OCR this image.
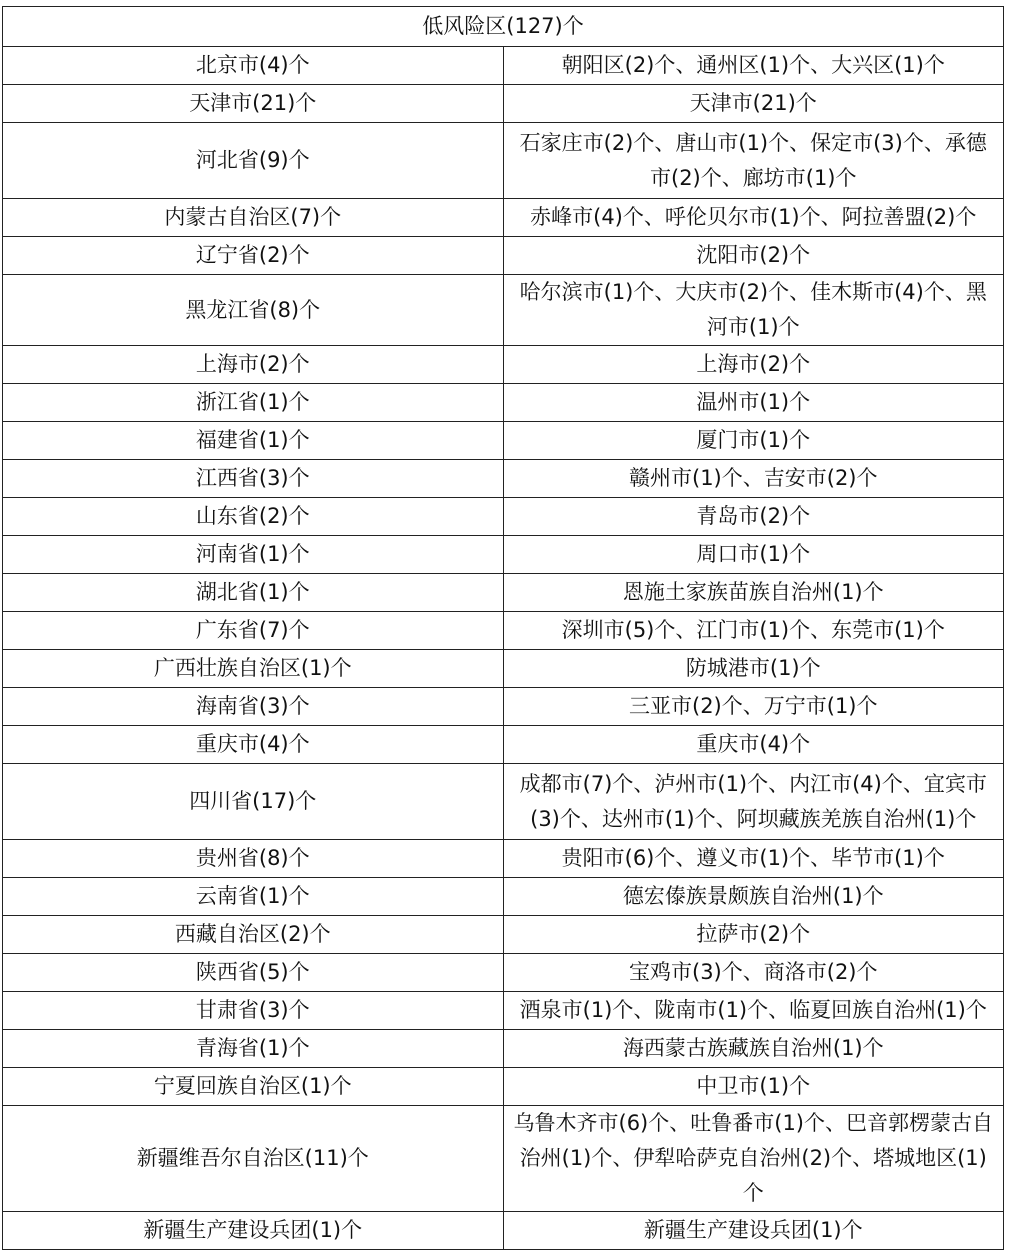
低风险区(127)个	
北京市(4)个	朝阳区(2)个、通州区(1)个、大兴区(1)个
天津市(21)个	天津市(21)个
河北省(9)个	石家庄市(2)个、唐山市(1)个、保定市(3)个、承德市(2)个、廊坊市(1)个
内蒙古自治区(7)个	赤峰市(4)个、呼伦贝尔市(1)个、阿拉善盟(2)个
辽宁省(2)个	沈阳市(2)个
黑龙江省(8)个	哈尔滨市(1)个、大庆市(2)个、佳木斯市(4)个、黑河市(1)个
上海市(2)个	上海市(2)个
浙江省(1)个	温州市(1)个
福建省(1)个	厦门市(1)个
江西省(3)个	赣州市(1)个、吉安市(2)个
山东省(2)个	青岛市(2)个
河南省(1)个	周口市(1)个
湖北省(1)个	恩施土家族苗族自治州(1)个
广东省(7)个	深圳市(5)个、江门市(1)个、东莞市(1)个
广西壮族自治区(1)个	防城港市(1)个
海南省(3)个	三亚市(2)个、万宁市(1)个
重庆市(4)个	重庆市(4)个
四川省(17)个	成都市(7)个、泸州市(1)个、内江市(4)个、宜宾市(3)个、达州市(1)个、阿坝藏族羌族自治州(1)个
贵州省(8)个	贵阳市(6)个、遵义市(1)个、毕节市(1)个
云南省(1)个	德宏傣族景颇族自治州(1)个
西藏自治区(2)个	拉萨市(2)个
陕西省(5)个	宝鸡市(3)个、商洛市(2)个
甘肃省(3)个	酒泉市(1)个、陇南市(1)个、临夏回族自治州(1)个
青海省(1)个	海西蒙古族藏族自治州(1)个
宁夏回族自治区(1)个	中卫市(1)个
新疆维吾尔自治区(11)个	乌鲁木齐市(6)个、吐鲁番市(1)个、巴音郭楞蒙古自治州(1)个、伊犁哈萨克自治州(2)个、塔城地区(1)个
新疆生产建设兵团(1)个	新疆生产建设兵团(1)个
